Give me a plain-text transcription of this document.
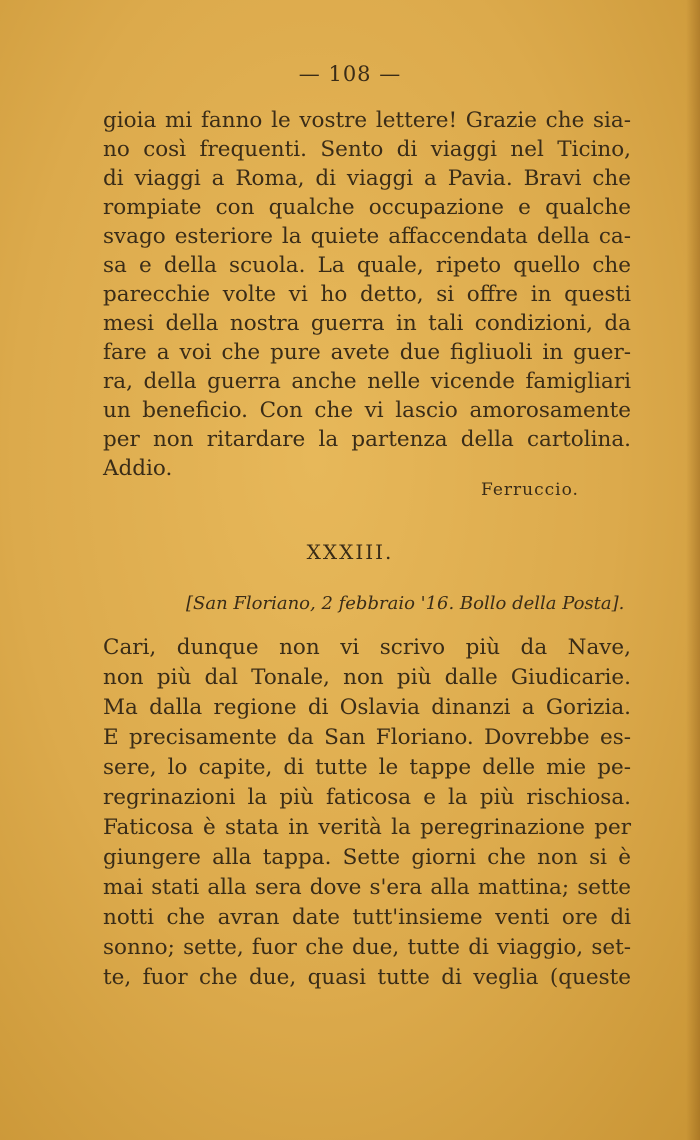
— 108 —
gioia mi fanno le vostre lettere! Grazie che sia-
no così frequenti. Sento di viaggi nel Ticino,
di viaggi a Roma, di viaggi a Pavia. Bravi che
rompiate con qualche occupazione e qualche
svago esteriore la quiete affaccendata della ca-
sa e della scuola. La quale, ripeto quello che
parecchie volte vi ho detto, si offre in questi
mesi della nostra guerra in tali condizioni, da
fare a voi che pure avete due figliuoli in guer-
ra, della guerra anche nelle vicende famigliari
un beneficio. Con che vi lascio amorosamente
per non ritardare la partenza della cartolina.
Addio.
Ferruccio.
XXXIII.
[San Floriano, 2 febbraio '16. Bollo della Posta].
Cari, dunque non vi scrivo più da Nave,
non più dal Tonale, non più dalle Giudicarie.
Ma dalla regione di Oslavia dinanzi a Gorizia.
E precisamente da San Floriano. Dovrebbe es-
sere, lo capite, di tutte le tappe delle mie pe-
regrinazioni la più faticosa e la più rischiosa.
Faticosa è stata in verità la peregrinazione per
giungere alla tappa. Sette giorni che non si è
mai stati alla sera dove s'era alla mattina; sette
notti che avran date tutt'insieme venti ore di
sonno; sette, fuor che due, tutte di viaggio, set-
te, fuor che due, quasi tutte di veglia (queste
